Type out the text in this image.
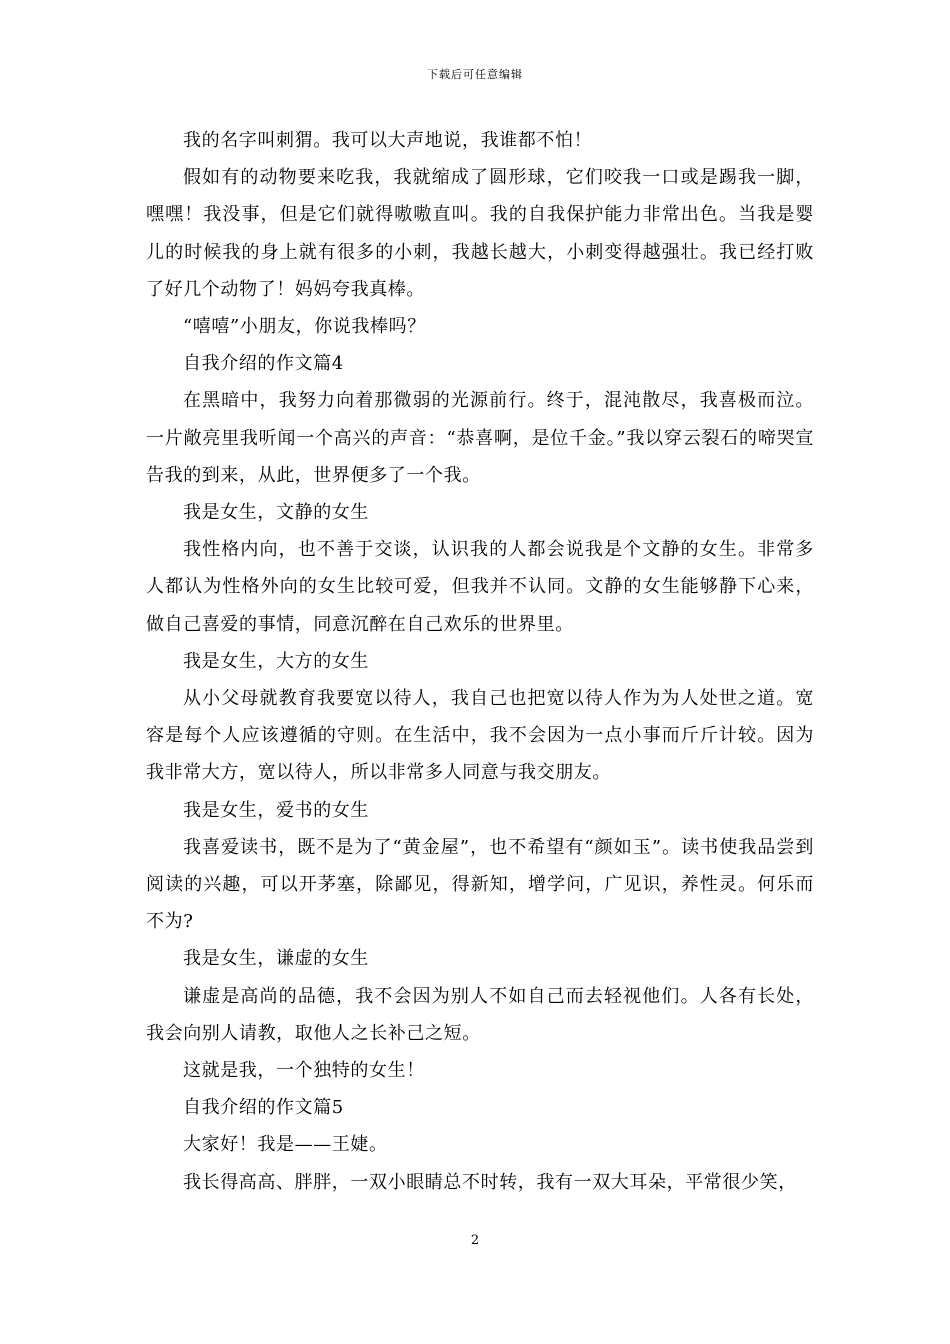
下载后可任意编辑

我的名字叫刺猬。我可以大声地说，我谁都不怕！

假如有的动物要来吃我，我就缩成了圆形球，它们咬我一口或是踢我一脚，嘿嘿！我没事，但是它们就得嗷嗷直叫。我的自我保护能力非常出色。当我是婴儿的时候我的身上就有很多的小刺，我越长越大，小刺变得越强壮。我已经打败了好几个动物了！妈妈夸我真棒。

“嘻嘻”小朋友，你说我棒吗？

自我介绍的作文篇4

在黑暗中，我努力向着那微弱的光源前行。终于，混沌散尽，我喜极而泣。一片敞亮里我听闻一个高兴的声音：“恭喜啊，是位千金。”我以穿云裂石的啼哭宣告我的到来，从此，世界便多了一个我。

我是女生，文静的女生

我性格内向，也不善于交谈，认识我的人都会说我是个文静的女生。非常多人都认为性格外向的女生比较可爱，但我并不认同。文静的女生能够静下心来，做自己喜爱的事情，同意沉醉在自己欢乐的世界里。

我是女生，大方的女生

从小父母就教育我要宽以待人，我自己也把宽以待人作为为人处世之道。宽容是每个人应该遵循的守则。在生活中，我不会因为一点小事而斤斤计较。因为我非常大方，宽以待人，所以非常多人同意与我交朋友。

我是女生，爱书的女生

我喜爱读书，既不是为了“黄金屋”，也不希望有“颜如玉”。读书使我品尝到阅读的兴趣，可以开茅塞，除鄙见，得新知，增学问，广见识，养性灵。何乐而不为?

我是女生，谦虚的女生

谦虚是高尚的品德，我不会因为别人不如自己而去轻视他们。人各有长处，我会向别人请教，取他人之长补己之短。

这就是我，一个独特的女生！

自我介绍的作文篇5

大家好！我是——王婕。

我长得高高、胖胖，一双小眼睛总不时转，我有一双大耳朵，平常很少笑，

2
